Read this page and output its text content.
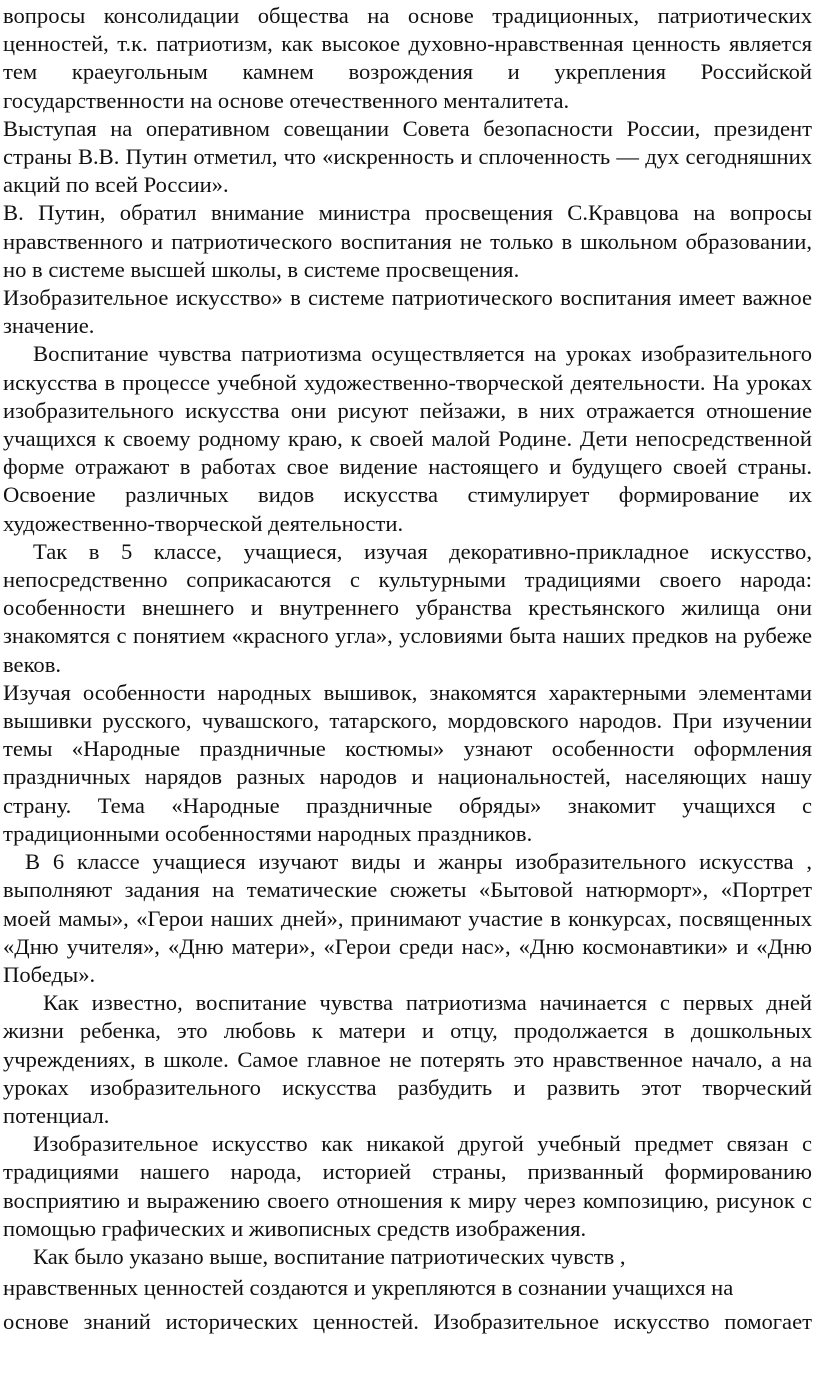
вопросы консолидации общества на основе традиционных, патриотических ценностей, т.к. патриотизм, как высокое духовно-нравственная ценность является тем краеугольным камнем возрождения и укрепления Российской государственности на основе отечественного менталитета.

Выступая на оперативном совещании Совета безопасности России, президент страны В.В. Путин отметил, что «искренность и сплоченность — дух сегодняшних акций по всей России».

В. Путин, обратил внимание министра просвещения С.Кравцова на вопросы нравственного и патриотического воспитания не только в школьном образовании, но в системе высшей школы, в системе просвещения.

Изобразительное искусство» в системе патриотического воспитания имеет важное значение.

Воспитание чувства патриотизма осуществляется на уроках изобразительного искусства в процессе учебной художественно-творческой деятельности. На уроках изобразительного искусства они рисуют пейзажи, в них отражается отношение учащихся к своему родному краю, к своей малой Родине. Дети непосредственной форме отражают в работах свое видение настоящего и будущего своей страны. Освоение различных видов искусства стимулирует формирование их художественно-творческой деятельности.

Так в 5 классе, учащиеся, изучая декоративно-прикладное искусство, непосредственно соприкасаются с культурными традициями своего народа: особенности внешнего и внутреннего убранства крестьянского жилища они знакомятся с понятием «красного угла», условиями быта наших предков на рубеже веков.

Изучая особенности народных вышивок, знакомятся характерными элементами вышивки русского, чувашского, татарского, мордовского народов. При изучении темы «Народные праздничные костюмы» узнают особенности оформления праздничных нарядов разных народов и национальностей, населяющих нашу страну. Тема «Народные праздничные обряды» знакомит учащихся с традиционными особенностями народных праздников.

В 6 классе учащиеся изучают виды и жанры изобразительного искусства , выполняют задания на тематические сюжеты «Бытовой натюрморт», «Портрет моей мамы», «Герои наших дней», принимают участие в конкурсах, посвященных «Дню учителя», «Дню матери», «Герои среди нас», «Дню космонавтики» и «Дню Победы».

Как известно, воспитание чувства патриотизма начинается с первых дней жизни ребенка, это любовь к матери и отцу, продолжается в дошкольных учреждениях, в школе. Самое главное не потерять это нравственное начало, а на уроках изобразительного искусства разбудить и развить этот творческий потенциал.

Изобразительное искусство как никакой другой учебный предмет связан с традициями нашего народа, историей страны, призванный формированию восприятию и выражению своего отношения к миру через композицию, рисунок с помощью графических и живописных средств изображения.

Как было указано выше, воспитание патриотических чувств ,
нравственных ценностей создаются и укрепляются в сознании учащихся на
основе знаний исторических ценностей. Изобразительное искусство помогает
